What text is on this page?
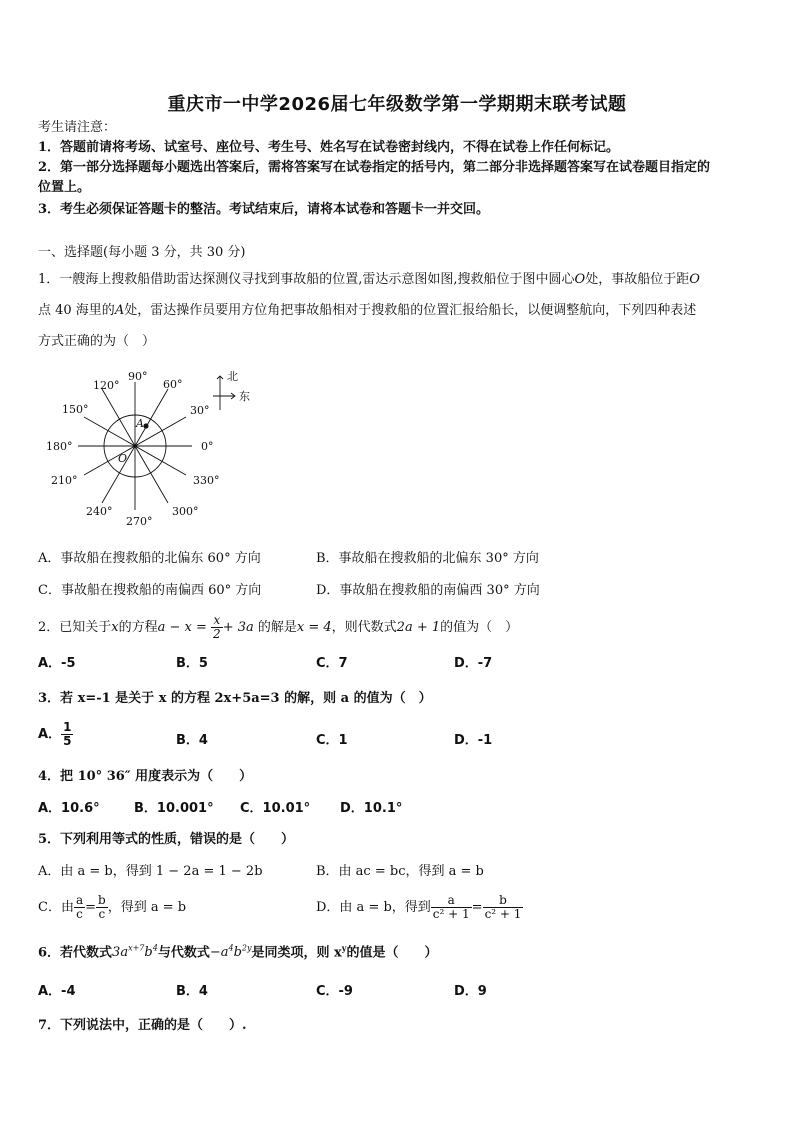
重庆市一中学2026届七年级数学第一学期期末联考试题
考生请注意：
1．答题前请将考场、试室号、座位号、考生号、姓名写在试卷密封线内，不得在试卷上作任何标记。
2．第一部分选择题每小题选出答案后，需将答案写在试卷指定的括号内，第二部分非选择题答案写在试卷题目指定的
位置上。
3．考生必须保证答题卡的整洁。考试结束后，请将本试卷和答题卡一并交回。
一、选择题(每小题 3 分，共 30 分)
1．一艘海上搜救船借助雷达探测仪寻找到事故船的位置,雷达示意图如图,搜救船位于图中圆心O处，事故船位于距O
点 40 海里的A处，雷达操作员要用方位角把事故船相对于搜救船的位置汇报给船长，以便调整航向，下列四种表述
方式正确的为（　）
90°
60°
120°
150°	30°
180°	0°
210°	330°
240°	300°
270°
A
O
北
东
A．事故船在搜救船的北偏东 60° 方向	B．事故船在搜救船的北偏东 30° 方向
C．事故船在搜救船的南偏西 60° 方向	D．事故船在搜救船的南偏西 30° 方向
2．已知关于x的方程$a - x = \frac{x}{2} + 3a$ 的解是x = 4，则代数式2a + 1的值为（　）
A．-5	B．5	C．7	D．-7
3．若 x=-1 是关于 x 的方程 2x+5a=3 的解，则 a 的值为（　）
A． $\frac{1}{5}$	B．4	C．1	D．-1
4．把 10° 36″ 用度表示为（　　）
A．10.6°	B．10.001° C．10.01° D．10.1°
5．下列利用等式的性质，错误的是（　　）
A．由 a = b，得到 1 − 2a = 1 − 2b	B．由 ac = bc，得到 a = b
C．由 $\frac{a}{c} = \frac{b}{c}$ ，得到 a = b	D．由 a = b，得到 $\frac{a}{\text{c² + 1}} = \frac{b}{\text{c² + 1}}$
6．若代数式$3a^{x+7}b^4$与代数式$-a^4b^{2y}$是同类项，则 $x^y$的值是（　　）
A．-4	B．4	C．-9	D．9
7．下列说法中，正确的是（　　）.
